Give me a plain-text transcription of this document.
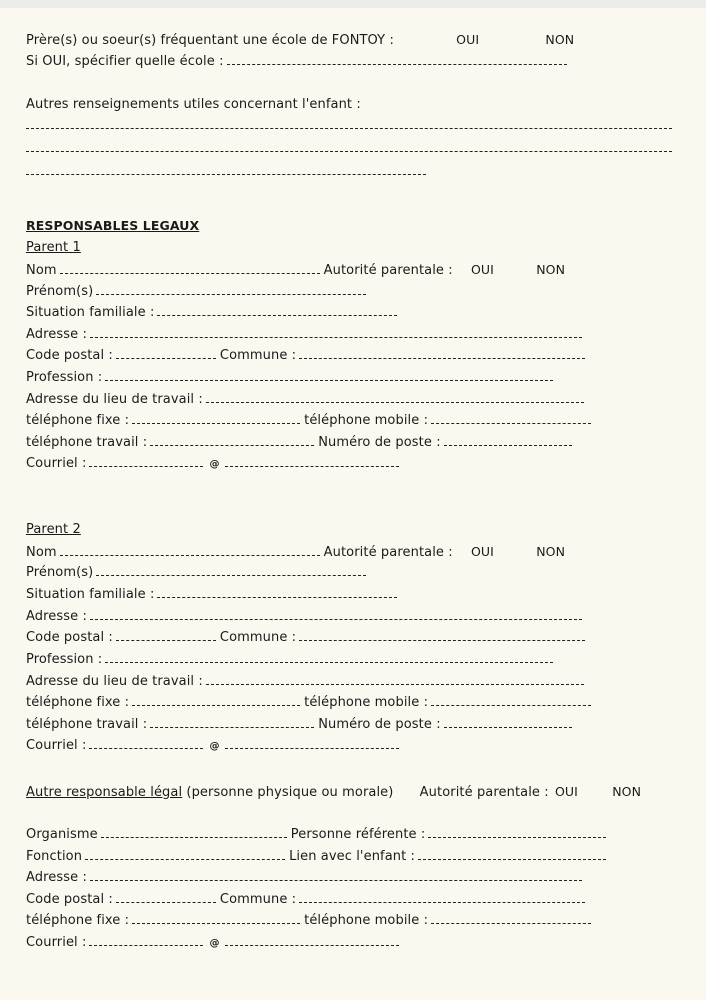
Prère(s) ou soeur(s) fréquentant une école de FONTOY :	OUI	NON
Si OUI, spécifier quelle école :
Autres renseignements utiles concernant l'enfant :
RESPONSABLES LEGAUX
Parent 1
Nom	Autorité parentale : OUI	NON
Prénom(s)
Situation familiale :
Adresse :
Code postal :	Commune :
Profession :
Adresse du lieu de travail :
téléphone fixe :	téléphone mobile :
téléphone travail :	Numéro de poste :
Courriel :	@
Parent 2
Nom	Autorité parentale : OUI	NON
Prénom(s)
Situation familiale :
Adresse :
Code postal :	Commune :
Profession :
Adresse du lieu de travail :
téléphone fixe :	téléphone mobile :
téléphone travail :	Numéro de poste :
Courriel :	@
Autre responsable légal (personne physique ou morale) Autorité parentale : OUI	NON
Organisme	Personne référente :
Fonction	Lien avec l'enfant :
Adresse :
Code postal :	Commune :
téléphone fixe :	téléphone mobile :
Courriel :	@
